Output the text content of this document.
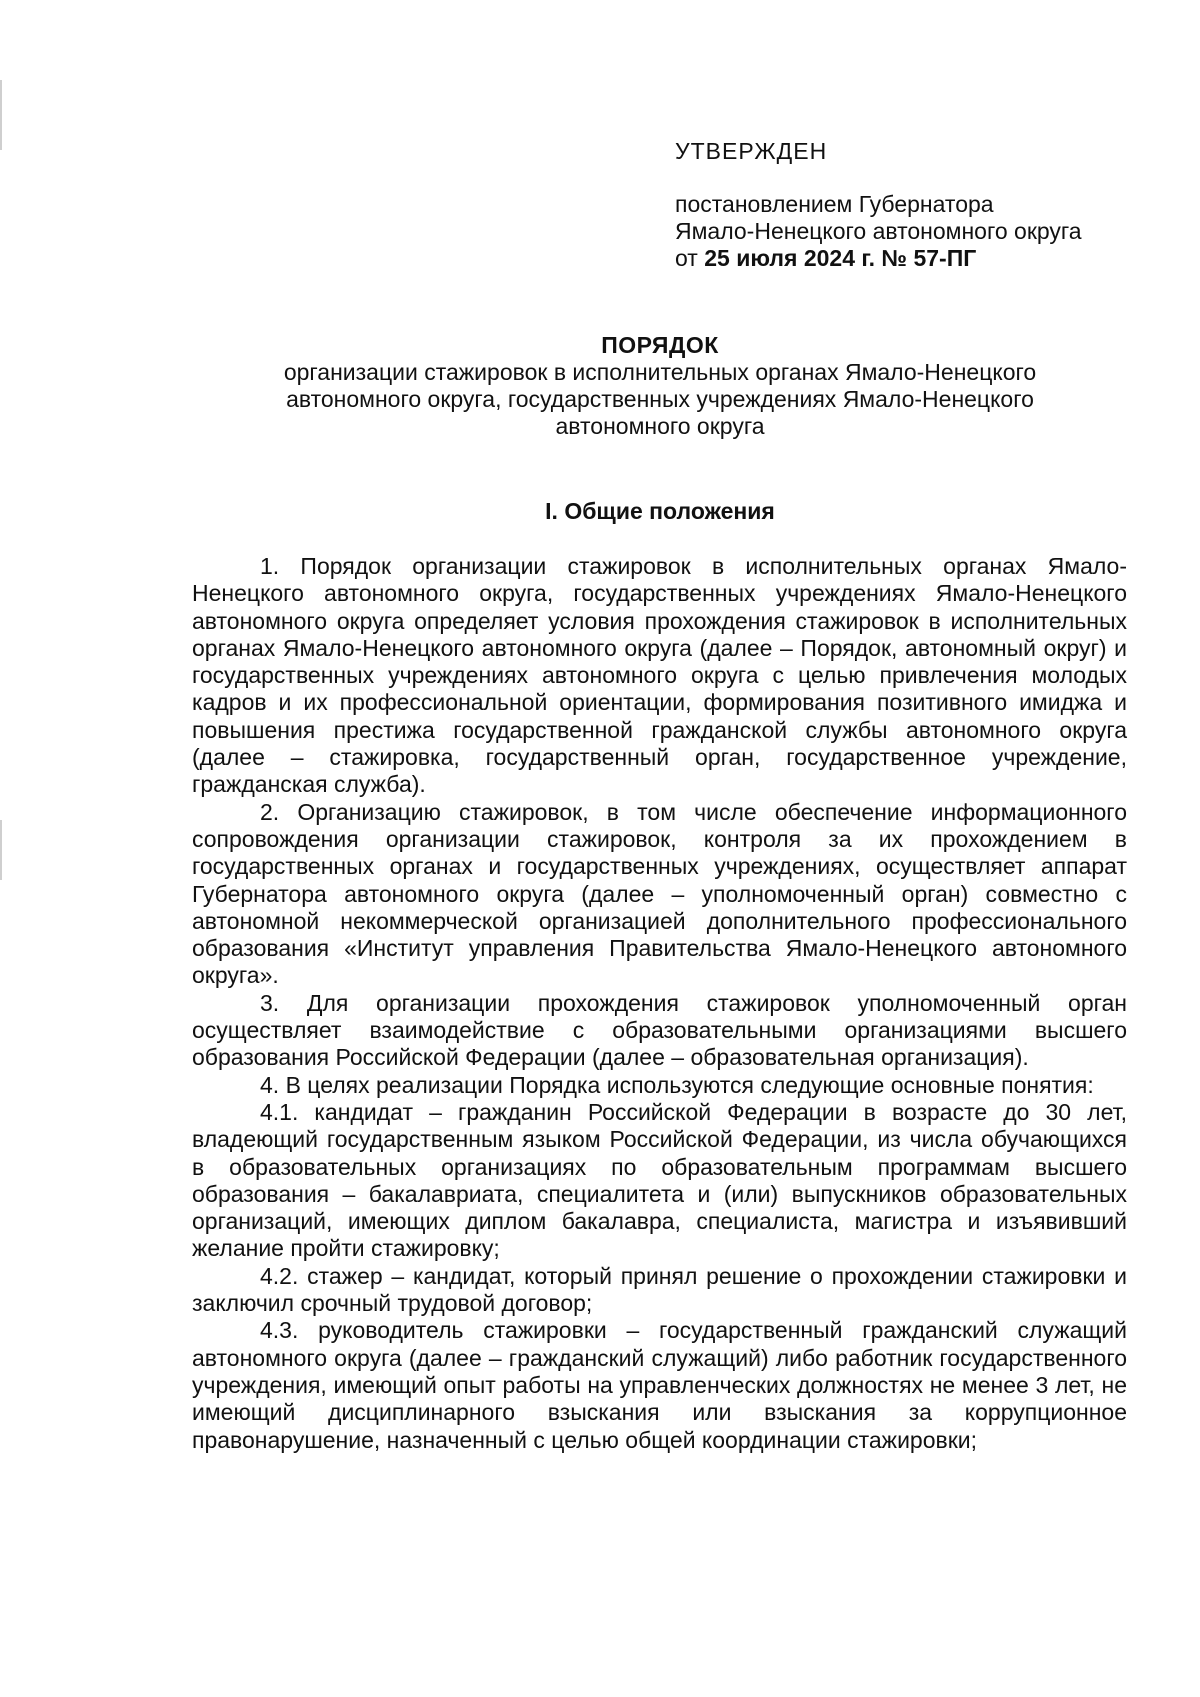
УТВЕРЖДЕН
постановлением Губернатора
Ямало-Ненецкого автономного округа
от 25 июля 2024 г. № 57-ПГ
ПОРЯДОК
организации стажировок в исполнительных органах Ямало-Ненецкого
автономного округа, государственных учреждениях Ямало-Ненецкого
автономного округа
I. Общие положения

1. Порядок организации стажировок в исполнительных органах Ямало-Ненецкого автономного округа, государственных учреждениях Ямало-Ненецкого автономного округа определяет условия прохождения стажировок в исполнительных органах Ямало-Ненецкого автономного округа (далее – Порядок, автономный округ) и государственных учреждениях автономного округа с целью привлечения молодых кадров и их профессиональной ориентации, формирования позитивного имиджа и повышения престижа государственной гражданской службы автономного округа (далее – стажировка, государственный орган, государственное учреждение, гражданская служба).

2. Организацию стажировок, в том числе обеспечение информационного сопровождения организации стажировок, контроля за их прохождением в государственных органах и государственных учреждениях, осуществляет аппарат Губернатора автономного округа (далее – уполномоченный орган) совместно с автономной некоммерческой организацией дополнительного профессионального образования «Институт управления Правительства Ямало-Ненецкого автономного округа».

3. Для организации прохождения стажировок уполномоченный орган осуществляет взаимодействие с образовательными организациями высшего образования Российской Федерации (далее – образовательная организация).

4. В целях реализации Порядка используются следующие основные понятия:

4.1. кандидат – гражданин Российской Федерации в возрасте до 30 лет, владеющий государственным языком Российской Федерации, из числа обучающихся в образовательных организациях по образовательным программам высшего образования – бакалавриата, специалитета и (или) выпускников образовательных организаций, имеющих диплом бакалавра, специалиста, магистра и изъявивший желание пройти стажировку;

4.2. стажер – кандидат, который принял решение о прохождении стажировки и заключил срочный трудовой договор;

4.3. руководитель стажировки – государственный гражданский служащий автономного округа (далее – гражданский служащий) либо работник государственного учреждения, имеющий опыт работы на управленческих должностях не менее 3 лет, не имеющий дисциплинарного взыскания или взыскания за коррупционное правонарушение, назначенный с целью общей координации стажировки;
